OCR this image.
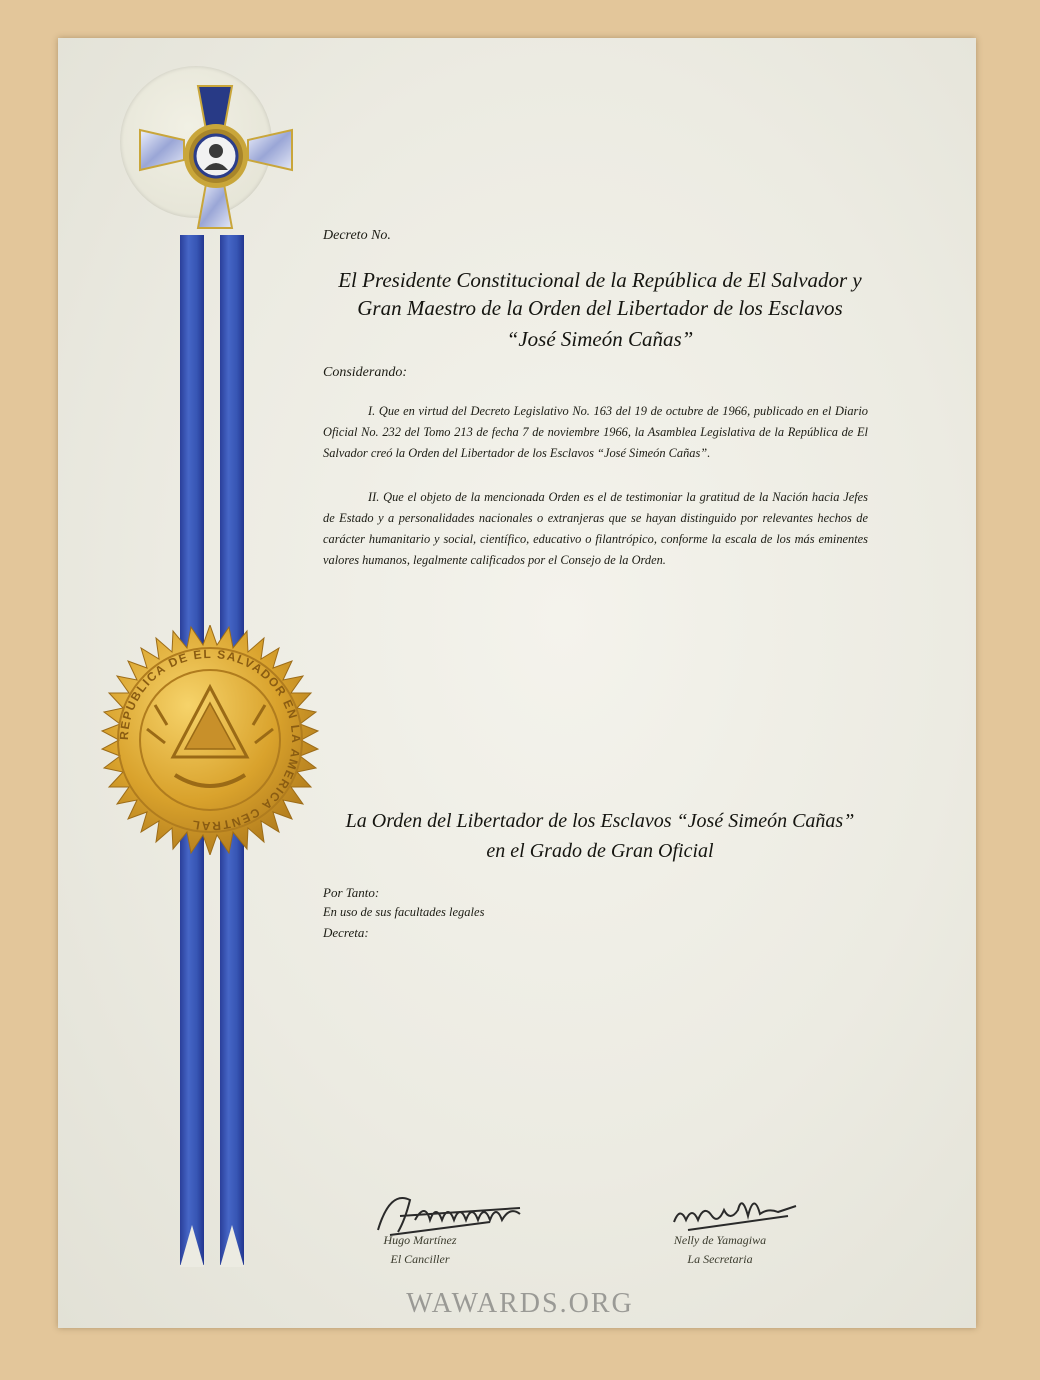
REPUBLICA DE EL SALVADOR EN LA AMERICA CENTRAL
Decreto No.
El Presidente Constitucional de la República de El Salvador y
Gran Maestro de la Orden del Libertador de los Esclavos
“José Simeón Cañas”
Considerando:
I. Que en virtud del Decreto Legislativo No. 163 del 19 de octubre de 1966, publicado en el Diario Oficial No. 232 del Tomo 213 de fecha 7 de noviembre 1966, la Asamblea Legislativa de la República de El Salvador creó la Orden del Libertador de los Esclavos “José Simeón Cañas”.
II. Que el objeto de la mencionada Orden es el de testimoniar la gratitud de la Nación hacia Jefes de Estado y a personalidades nacionales o extranjeras que se hayan distinguido por relevantes hechos de carácter humanitario y social, científico, educativo o filantrópico, conforme la escala de los más eminentes valores humanos, legalmente calificados por el Consejo de la Orden.
La Orden del Libertador de los Esclavos “José Simeón Cañas”
en el Grado de Gran Oficial
Por Tanto:
En uso de sus facultades legales
Decreta:
Hugo Martínez
El Canciller
Nelly de Yamagiwa
La Secretaria
WAWARDS.ORG
